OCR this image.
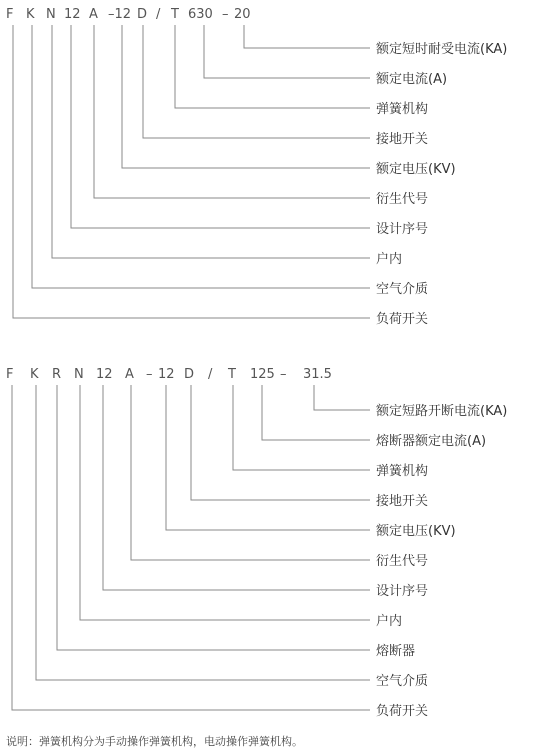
F K N 12 A –12 D / T 630 – 20
额定短时耐受电流(KA)
额定电流(A)
弹簧机构
接地开关
额定电压(KV)
衍生代号
设计序号
户内
空气介质
负荷开关
F K R N 12 A – 12 D / T 125 – 31.5
额定短路开断电流(KA)
熔断器额定电流(A)
弹簧机构
接地开关
额定电压(KV)
衍生代号
设计序号
户内
熔断器
空气介质
负荷开关
说明：弹簧机构分为手动操作弹簧机构，电动操作弹簧机构。
